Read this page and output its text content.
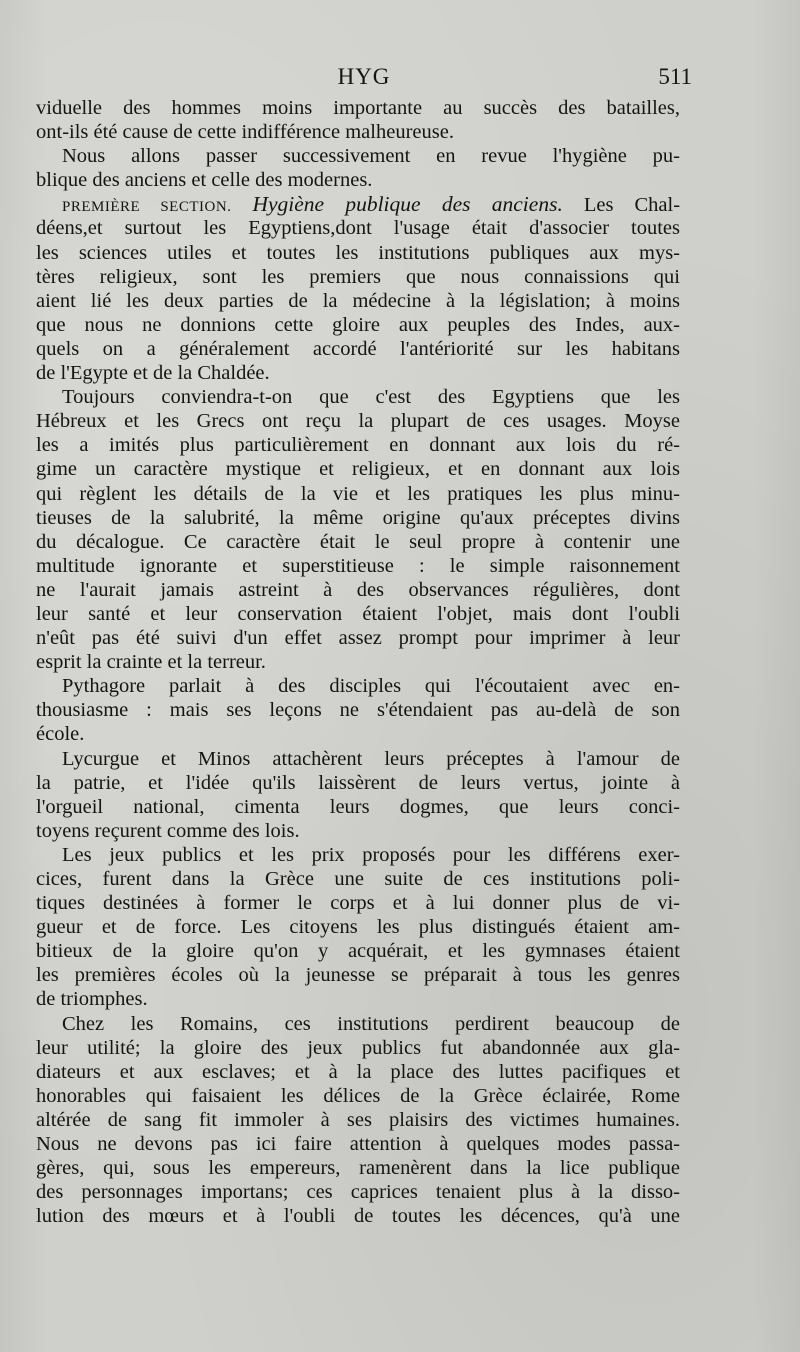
HYG	511
viduelle des hommes moins importante au succès des batailles,
ont-ils été cause de cette indifférence malheureuse.
Nous allons passer successivement en revue l'hygiène pu-
blique des anciens et celle des modernes.
PREMIÈRE SECTION. Hygiène publique des anciens. Les Chal-
déens,et surtout les Egyptiens,dont l'usage était d'associer toutes
les sciences utiles et toutes les institutions publiques aux mys-
tères religieux, sont les premiers que nous connaissions qui
aient lié les deux parties de la médecine à la législation; à moins
que nous ne donnions cette gloire aux peuples des Indes, aux-
quels on a généralement accordé l'antériorité sur les habitans
de l'Egypte et de la Chaldée.
Toujours conviendra-t-on que c'est des Egyptiens que les
Hébreux et les Grecs ont reçu la plupart de ces usages. Moyse
les a imités plus particulièrement en donnant aux lois du ré-
gime un caractère mystique et religieux, et en donnant aux lois
qui règlent les détails de la vie et les pratiques les plus minu-
tieuses de la salubrité, la même origine qu'aux préceptes divins
du décalogue. Ce caractère était le seul propre à contenir une
multitude ignorante et superstitieuse : le simple raisonnement
ne l'aurait jamais astreint à des observances régulières, dont
leur santé et leur conservation étaient l'objet, mais dont l'oubli
n'eût pas été suivi d'un effet assez prompt pour imprimer à leur
esprit la crainte et la terreur.
Pythagore parlait à des disciples qui l'écoutaient avec en-
thousiasme : mais ses leçons ne s'étendaient pas au-delà de son
école.
Lycurgue et Minos attachèrent leurs préceptes à l'amour de
la patrie, et l'idée qu'ils laissèrent de leurs vertus, jointe à
l'orgueil national, cimenta leurs dogmes, que leurs conci-
toyens reçurent comme des lois.
Les jeux publics et les prix proposés pour les différens exer-
cices, furent dans la Grèce une suite de ces institutions poli-
tiques destinées à former le corps et à lui donner plus de vi-
gueur et de force. Les citoyens les plus distingués étaient am-
bitieux de la gloire qu'on y acquérait, et les gymnases étaient
les premières écoles où la jeunesse se préparait à tous les genres
de triomphes.
Chez les Romains, ces institutions perdirent beaucoup de
leur utilité; la gloire des jeux publics fut abandonnée aux gla-
diateurs et aux esclaves; et à la place des luttes pacifiques et
honorables qui faisaient les délices de la Grèce éclairée, Rome
altérée de sang fit immoler à ses plaisirs des victimes humaines.
Nous ne devons pas ici faire attention à quelques modes passa-
gères, qui, sous les empereurs, ramenèrent dans la lice publique
des personnages importans; ces caprices tenaient plus à la disso-
lution des mœurs et à l'oubli de toutes les décences, qu'à une
